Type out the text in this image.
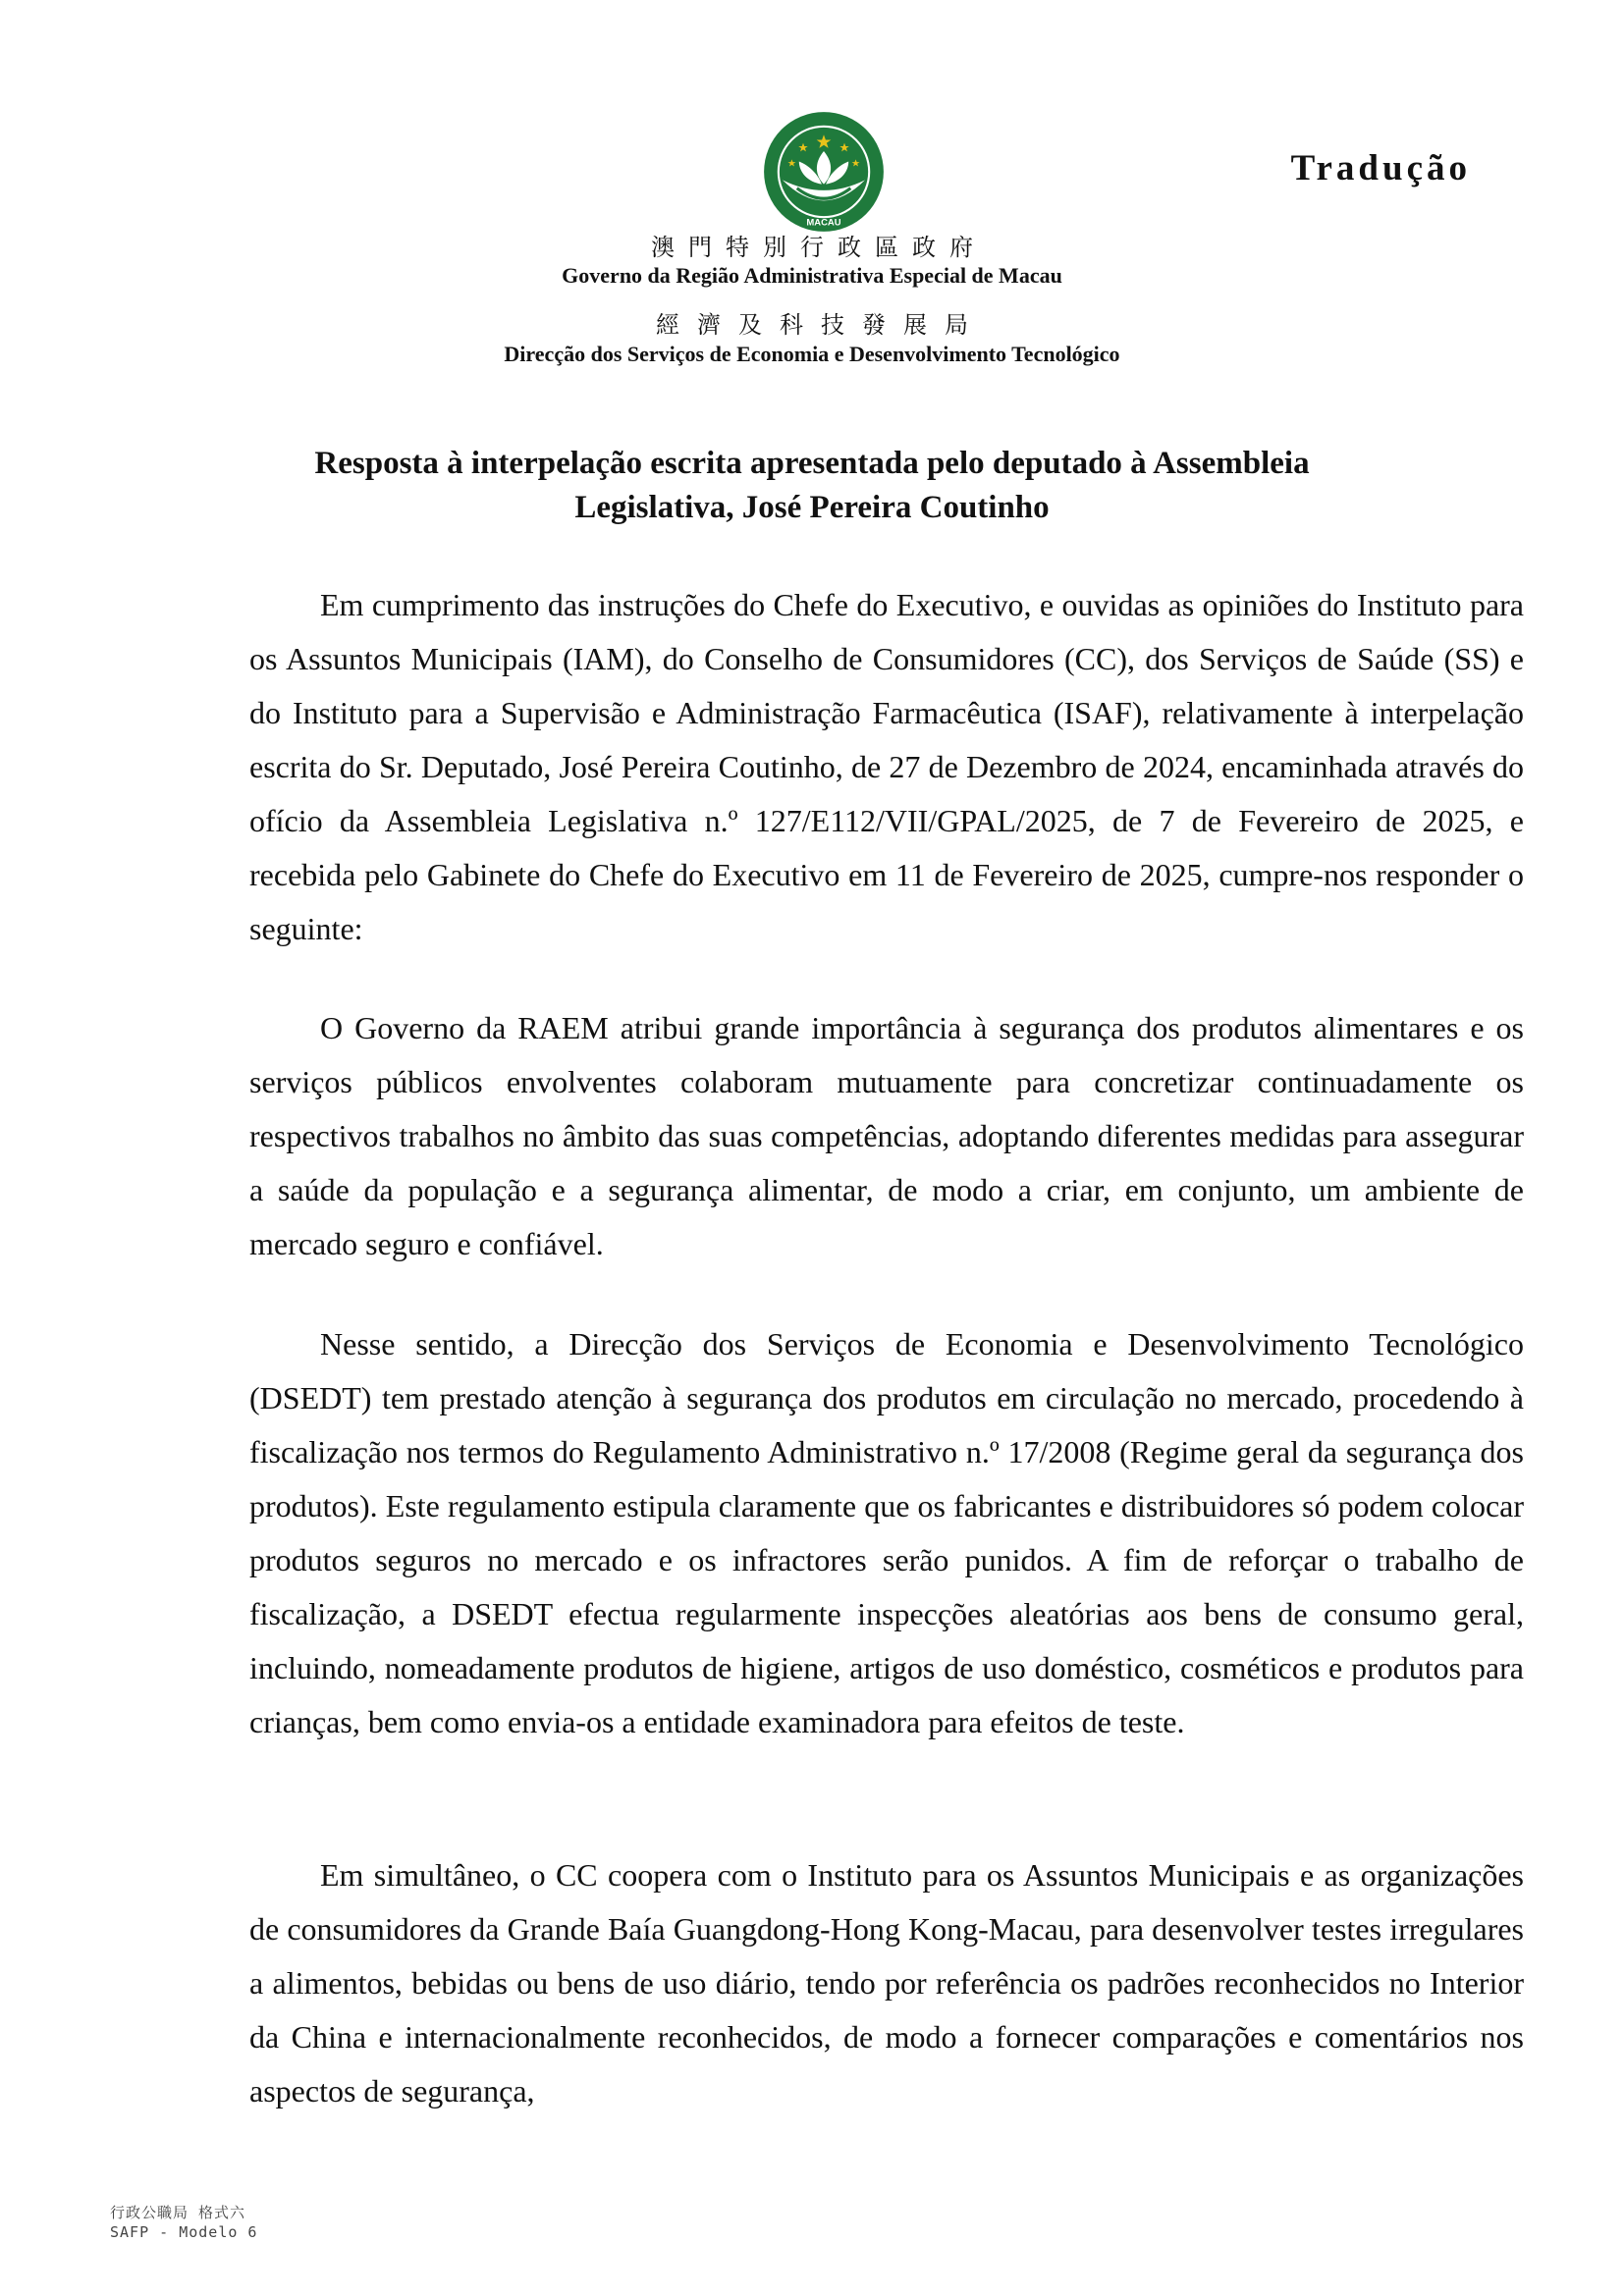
MACAU
Tradução
澳門特別行政區政府
Governo da Região Administrativa Especial de Macau
經濟及科技發展局
Direcção dos Serviços de Economia e Desenvolvimento Tecnológico
Resposta à interpelação escrita apresentada pelo deputado à Assembleia
Legislativa, José Pereira Coutinho

Em cumprimento das instruções do Chefe do Executivo, e ouvidas as opiniões do Instituto para os Assuntos Municipais (IAM), do Conselho de Consumidores (CC), dos Serviços de Saúde (SS) e do Instituto para a Supervisão e Administração Farmacêutica (ISAF), relativamente à interpelação escrita do Sr. Deputado, José Pereira Coutinho, de 27 de Dezembro de 2024, encaminhada através do ofício da Assembleia Legislativa n.º 127/E112/VII/GPAL/2025, de 7 de Fevereiro de 2025, e recebida pelo Gabinete do Chefe do Executivo em 11 de Fevereiro de 2025, cumpre-nos responder o seguinte:

O Governo da RAEM atribui grande importância à segurança dos produtos alimentares e os serviços públicos envolventes colaboram mutuamente para concretizar continuadamente os respectivos trabalhos no âmbito das suas competências, adoptando diferentes medidas para assegurar a saúde da população e a segurança alimentar, de modo a criar, em conjunto, um ambiente de mercado seguro e confiável.

Nesse sentido, a Direcção dos Serviços de Economia e Desenvolvimento Tecnológico (DSEDT) tem prestado atenção à segurança dos produtos em circulação no mercado, procedendo à fiscalização nos termos do Regulamento Administrativo n.º 17/2008 (Regime geral da segurança dos produtos). Este regulamento estipula claramente que os fabricantes e distribuidores só podem colocar produtos seguros no mercado e os infractores serão punidos. A fim de reforçar o trabalho de fiscalização, a DSEDT efectua regularmente inspecções aleatórias aos bens de consumo geral, incluindo, nomeadamente produtos de higiene, artigos de uso doméstico, cosméticos e produtos para crianças, bem como envia-os a entidade examinadora para efeitos de teste.

Em simultâneo, o CC coopera com o Instituto para os Assuntos Municipais e as organizações de consumidores da Grande Baía Guangdong-Hong Kong-Macau, para desenvolver testes irregulares a alimentos, bebidas ou bens de uso diário, tendo por referência os padrões reconhecidos no Interior da China e internacionalmente reconhecidos, de modo a fornecer comparações e comentários nos aspectos de segurança,

行政公職局 格式六
SAFP - Modelo 6
